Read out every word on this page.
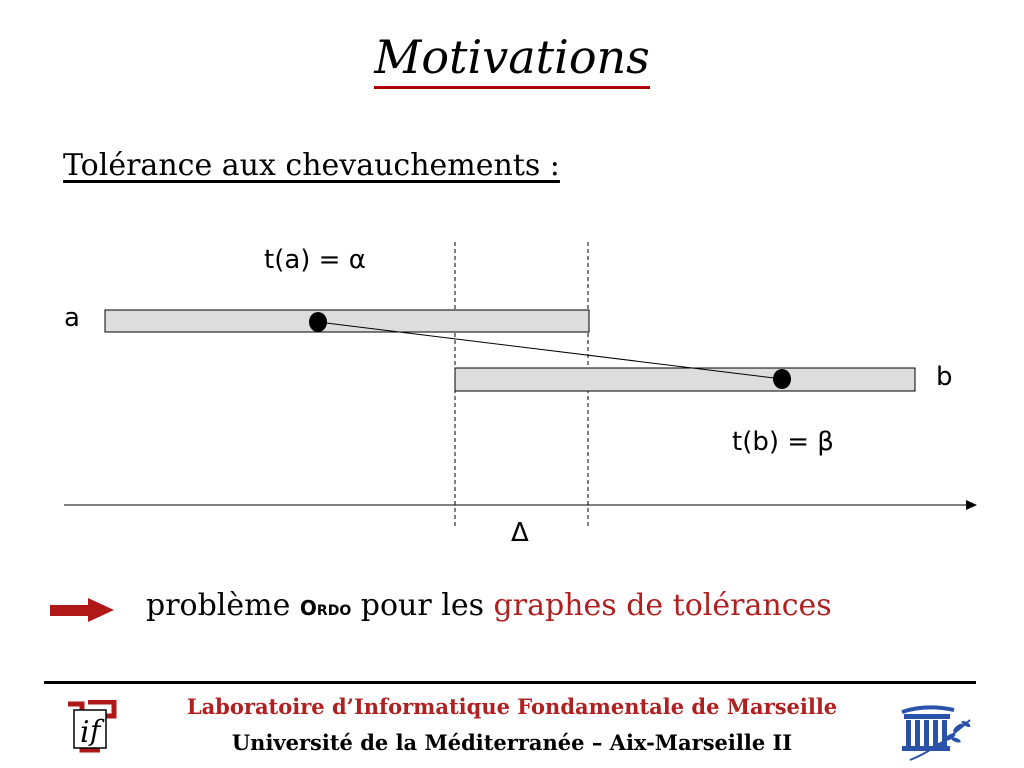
Motivations
Tolérance aux chevauchements :
t(a) = α
a
b
t(b) = β
Δ
problème Ordo pour les graphes de tolérances
i f
Laboratoire d’Informatique Fondamentale de Marseille
Université de la Méditerranée – Aix-Marseille II
